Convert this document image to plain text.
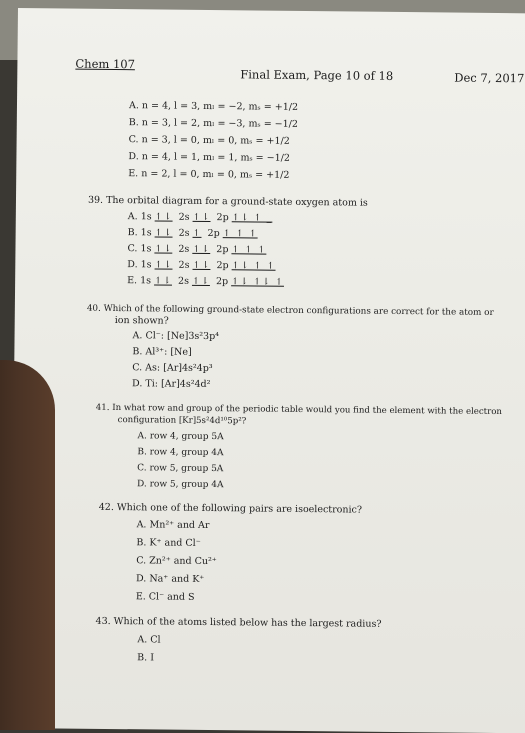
Chem 107
Final Exam, Page 10 of 18	Dec 7, 2017
A. n = 4, l = 3, mₗ = −2, mₛ = +1/2
B. n = 3, l = 2, mₗ = −3, mₛ = −1/2
C. n = 3, l = 0, mₗ = 0, mₛ = +1/2
D. n = 4, l = 1, mₗ = 1, mₛ = −1/2
E. n = 2, l = 0, mₗ = 0, mₛ = +1/2
39. The orbital diagram for a ground-state oxygen atom is
A. 1s ↿⇂ 2s ↿⇂ 2p ↿⇂ ↿ _
B. 1s ↿⇂ 2s ↿ 2p ↿ ↿ ↿
C. 1s ↿⇂ 2s ↿⇂ 2p ↿ ↿ ↿
D. 1s ↿⇂ 2s ↿⇂ 2p ↿⇂ ↿ ↿
E. 1s ↿⇂ 2s ↿⇂ 2p ↿⇂ ↿⇂ ↿
40. Which of the following ground-state electron configurations are correct for the atom or
ion shown?
A. Cl⁻: [Ne]3s²3p⁴
B. Al³⁺: [Ne]
C. As: [Ar]4s²4p³
D. Ti: [Ar]4s²4d²
41. In what row and group of the periodic table would you find the element with the electron
configuration [Kr]5s²4d¹⁰5p²?
A. row 4, group 5A
B. row 4, group 4A
C. row 5, group 5A
D. row 5, group 4A
42. Which one of the following pairs are isoelectronic?
A. Mn²⁺ and Ar
B. K⁺ and Cl⁻
C. Zn²⁺ and Cu²⁺
D. Na⁺ and K⁺
E. Cl⁻ and S
43. Which of the atoms listed below has the largest radius?
A. Cl
B. I
